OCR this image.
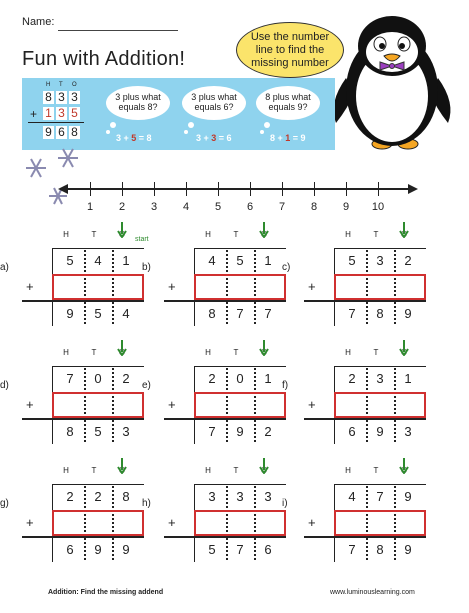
Name:
Fun with Addition!
Use the number
line to find the
missing number
H T O
8 3 3
+ 1 3 5
9 6 8
3 plus what
equals 8?
3 + 5 = 8
3 plus what
equals 6?
3 + 3 = 6
8 plus what
equals 9?
8 + 1 = 9
1	2	3	4	5	6	7	8	9	10
start
a)
H	T	O
5	4	1
+
9	5	4
d)
H	T	O
7	0	2
+
8	5	3
g)
H	T	O
2	2	8
+
6	9	9
b)
H	T	O
4	5	1
+
8	7	7
e)
H	T	O
2	0	1
+
7	9	2
h)
H	T	O
3	3	3
+
5	7	6
c)
H	T	O
5	3	2
+
7	8	9
f)
H	T	O
2	3	1
+
6	9	3
i)
H	T	O
4	7	9
+
7	8	9
Addition: Find the missing addend	www.luminouslearning.com
